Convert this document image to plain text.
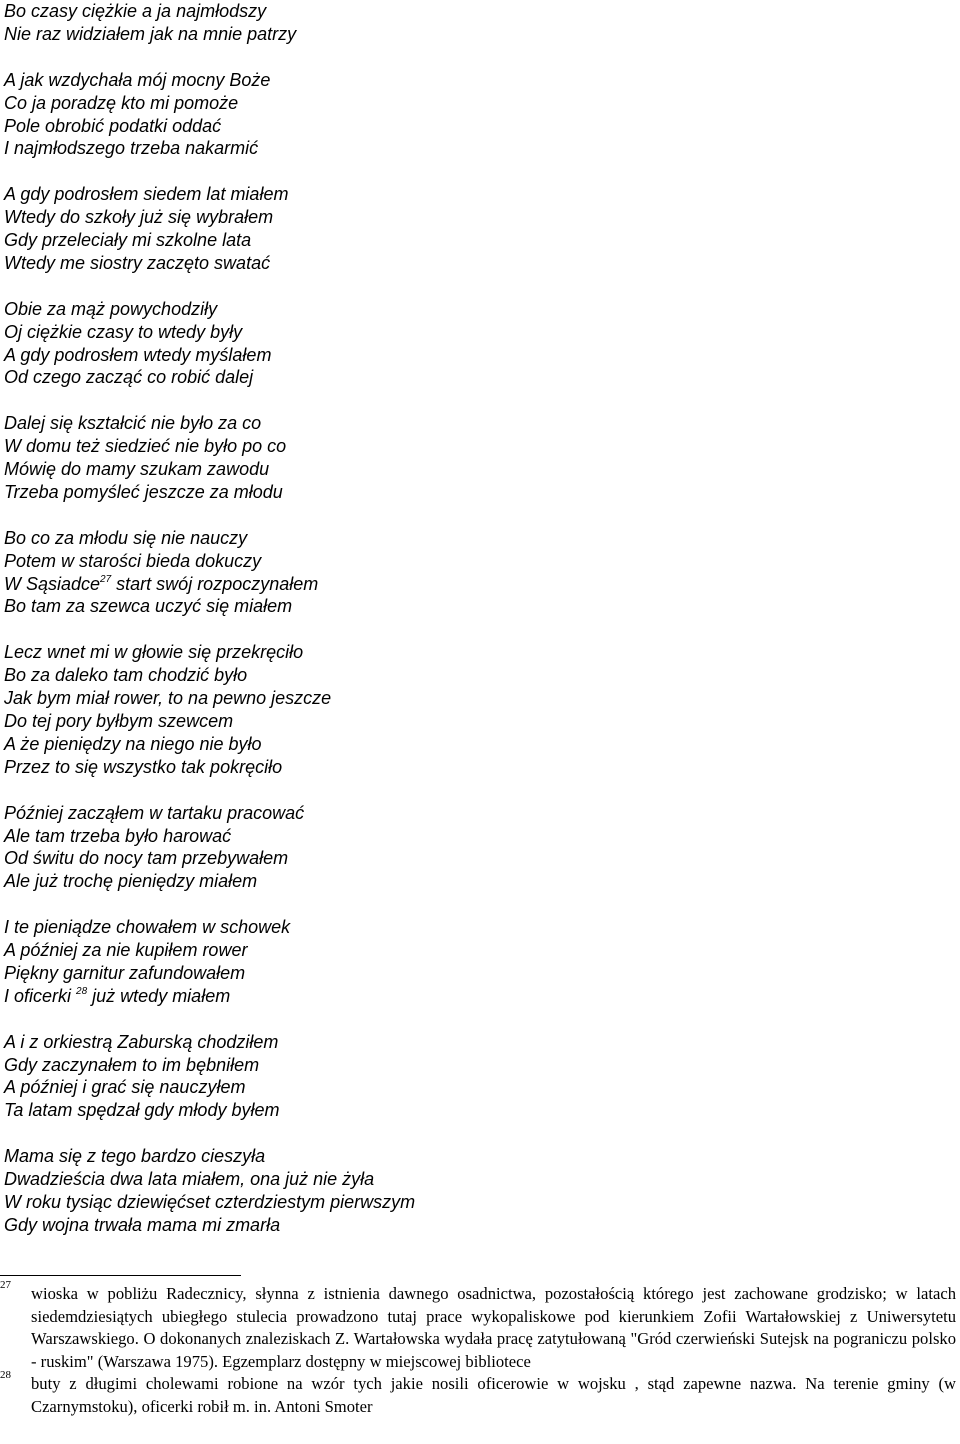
Bo czasy ciężkie a ja najmłodszy
Nie raz widziałem jak na mnie patrzy
A jak wzdychała mój mocny Boże
Co ja poradzę kto mi pomoże
Pole obrobić podatki oddać
I najmłodszego trzeba nakarmić
A gdy podrosłem siedem lat miałem
Wtedy do szkoły już się wybrałem
Gdy przeleciały mi szkolne lata
Wtedy me siostry zaczęto swatać
Obie za mąż powychodziły
Oj ciężkie czasy to wtedy były
A gdy podrosłem wtedy myślałem
Od czego zacząć co robić dalej
Dalej się kształcić nie było za co
W domu też siedzieć nie było po co
Mówię do mamy szukam zawodu
Trzeba pomyśleć jeszcze za młodu
Bo co za młodu się nie nauczy
Potem w starości bieda dokuczy
W Sąsiadce$^{27}$ start swój rozpoczynałem
Bo tam za szewca uczyć się miałem
Lecz wnet mi w głowie się przekręciło
Bo za daleko tam chodzić było
Jak bym miał rower, to na pewno jeszcze
Do tej pory byłbym szewcem
A że pieniędzy na niego nie było
Przez to się wszystko tak pokręciło
Później zacząłem w tartaku pracować
Ale tam trzeba było harować
Od świtu do nocy tam przebywałem
Ale już trochę pieniędzy miałem
I te pieniądze chowałem w schowek
A później za nie kupiłem rower
Piękny garnitur zafundowałem
I oficerki $^{28}$ już wtedy miałem
A i z orkiestrą Zaburską chodziłem
Gdy zaczynałem to im bębniłem
A później i grać się nauczyłem
Ta latam spędzał gdy młody byłem
Mama się z tego bardzo cieszyła
Dwadzieścia dwa lata miałem, ona już nie żyła
W roku tysiąc dziewięćset czterdziestym pierwszym
Gdy wojna trwała mama mi zmarła
27 wioska w pobliżu Radecznicy, słynna z istnienia dawnego osadnictwa, pozostałością którego jest zachowane grodzisko; w latach siedemdziesiątych ubiegłego stulecia prowadzono tutaj prace wykopaliskowe pod kierunkiem Zofii Wartałowskiej z Uniwersytetu Warszawskiego. O dokonanych znaleziskach Z. Wartałowska wydała pracę zatytułowaną "Gród czerwieński Sutejsk na pograniczu polsko - ruskim" (Warszawa 1975). Egzemplarz dostępny w miejscowej bibliotece
28 buty z długimi cholewami robione na wzór tych jakie nosili oficerowie w wojsku , stąd zapewne nazwa. Na terenie gminy (w Czarnymstoku), oficerki robił m. in. Antoni Smoter
